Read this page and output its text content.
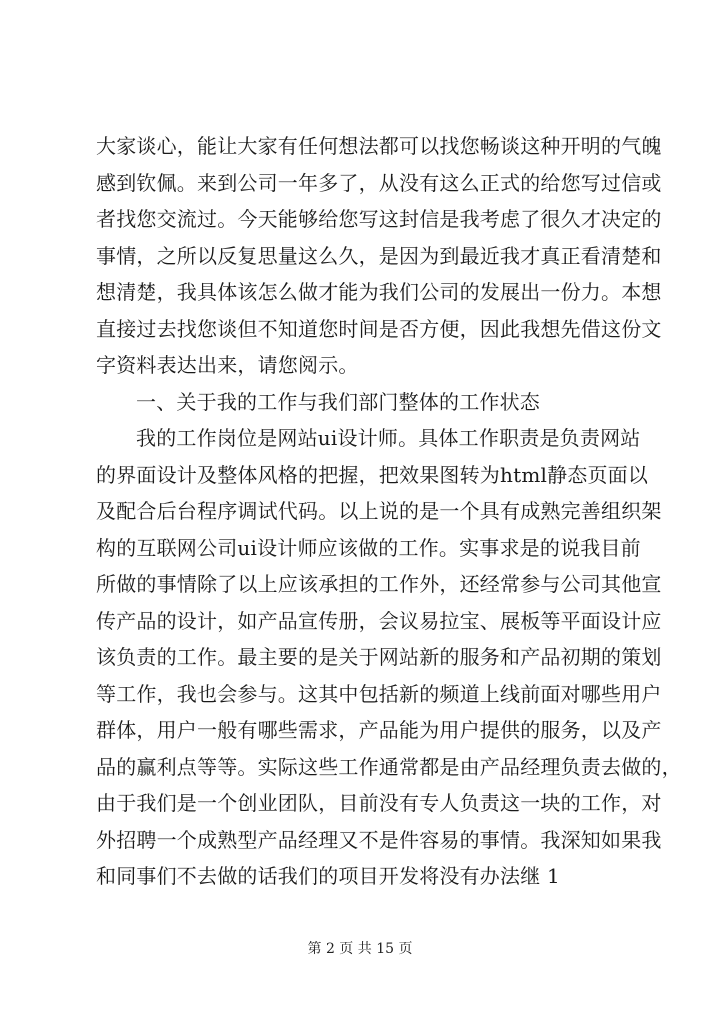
大家谈心，能让大家有任何想法都可以找您畅谈这种开明的气魄
感到钦佩。来到公司一年多了，从没有这么正式的给您写过信或
者找您交流过。今天能够给您写这封信是我考虑了很久才决定的
事情，之所以反复思量这么久，是因为到最近我才真正看清楚和
想清楚，我具体该怎么做才能为我们公司的发展出一份力。本想
直接过去找您谈但不知道您时间是否方便，因此我想先借这份文
字资料表达出来，请您阅示。
一、关于我的工作与我们部门整体的工作状态
我的工作岗位是网站ui设计师。具体工作职责是负责网站
的界面设计及整体风格的把握，把效果图转为html静态页面以
及配合后台程序调试代码。以上说的是一个具有成熟完善组织架
构的互联网公司ui设计师应该做的工作。实事求是的说我目前
所做的事情除了以上应该承担的工作外，还经常参与公司其他宣
传产品的设计，如产品宣传册，会议易拉宝、展板等平面设计应
该负责的工作。最主要的是关于网站新的服务和产品初期的策划
等工作，我也会参与。这其中包括新的频道上线前面对哪些用户
群体，用户一般有哪些需求，产品能为用户提供的服务，以及产
品的赢利点等等。实际这些工作通常都是由产品经理负责去做的，
由于我们是一个创业团队，目前没有专人负责这一块的工作，对
外招聘一个成熟型产品经理又不是件容易的事情。我深知如果我
和同事们不去做的话我们的项目开发将没有办法继 1
第 2 页 共 15 页
